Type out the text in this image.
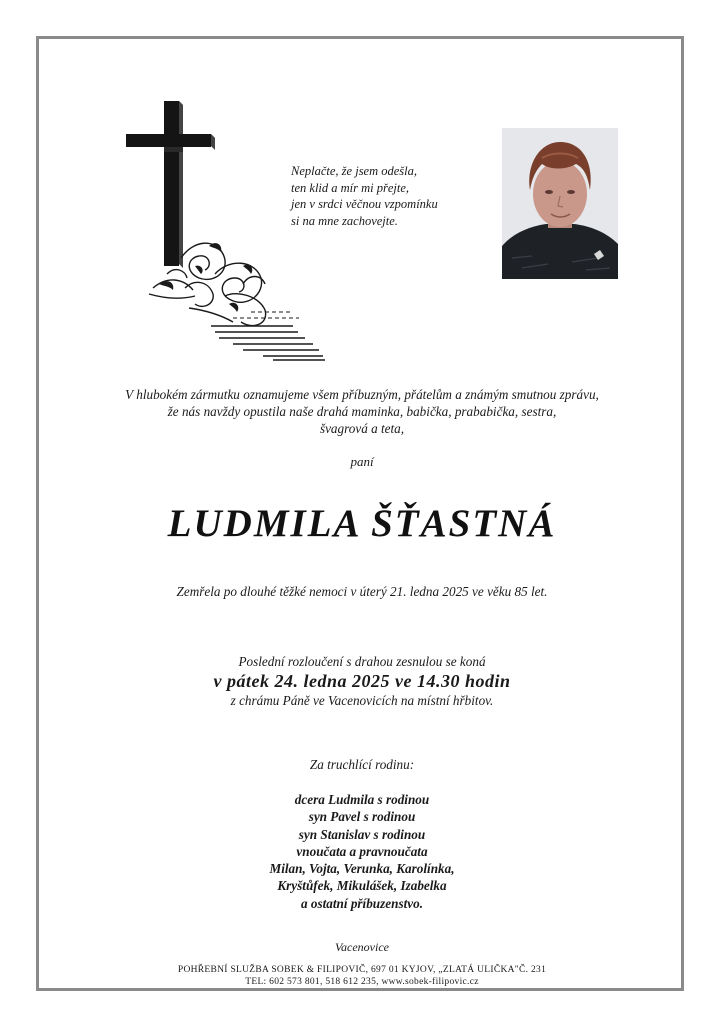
Neplačte, že jsem odešla,
ten klid a mír mi přejte,
jen v srdci věčnou vzpomínku
si na mne zachovejte.
V hlubokém zármutku oznamujeme všem příbuzným, přátelům a známým smutnou zprávu,
že nás navždy opustila naše drahá maminka, babička, prababička, sestra,
švagrová a teta,
paní
LUDMILA ŠŤASTNÁ
Zemřela po dlouhé těžké nemoci v úterý 21. ledna 2025 ve věku 85 let.
Poslední rozloučení s drahou zesnulou se koná
v pátek 24. ledna 2025 ve 14.30 hodin
z chrámu Páně ve Vacenovicích na místní hřbitov.
Za truchlící rodinu:
dcera Ludmila s rodinou
syn Pavel s rodinou
syn Stanislav s rodinou
vnoučata a pravnoučata
Milan, Vojta, Verunka, Karolínka,
Kryštůfek, Mikulášek, Izabelka
a ostatní příbuzenstvo.
Vacenovice
POHŘEBNÍ SLUŽBA SOBEK & FILIPOVIČ, 697 01 KYJOV, „ZLATÁ ULIČKA"Č. 231
TEL: 602 573 801, 518 612 235, www.sobek-filipovic.cz
